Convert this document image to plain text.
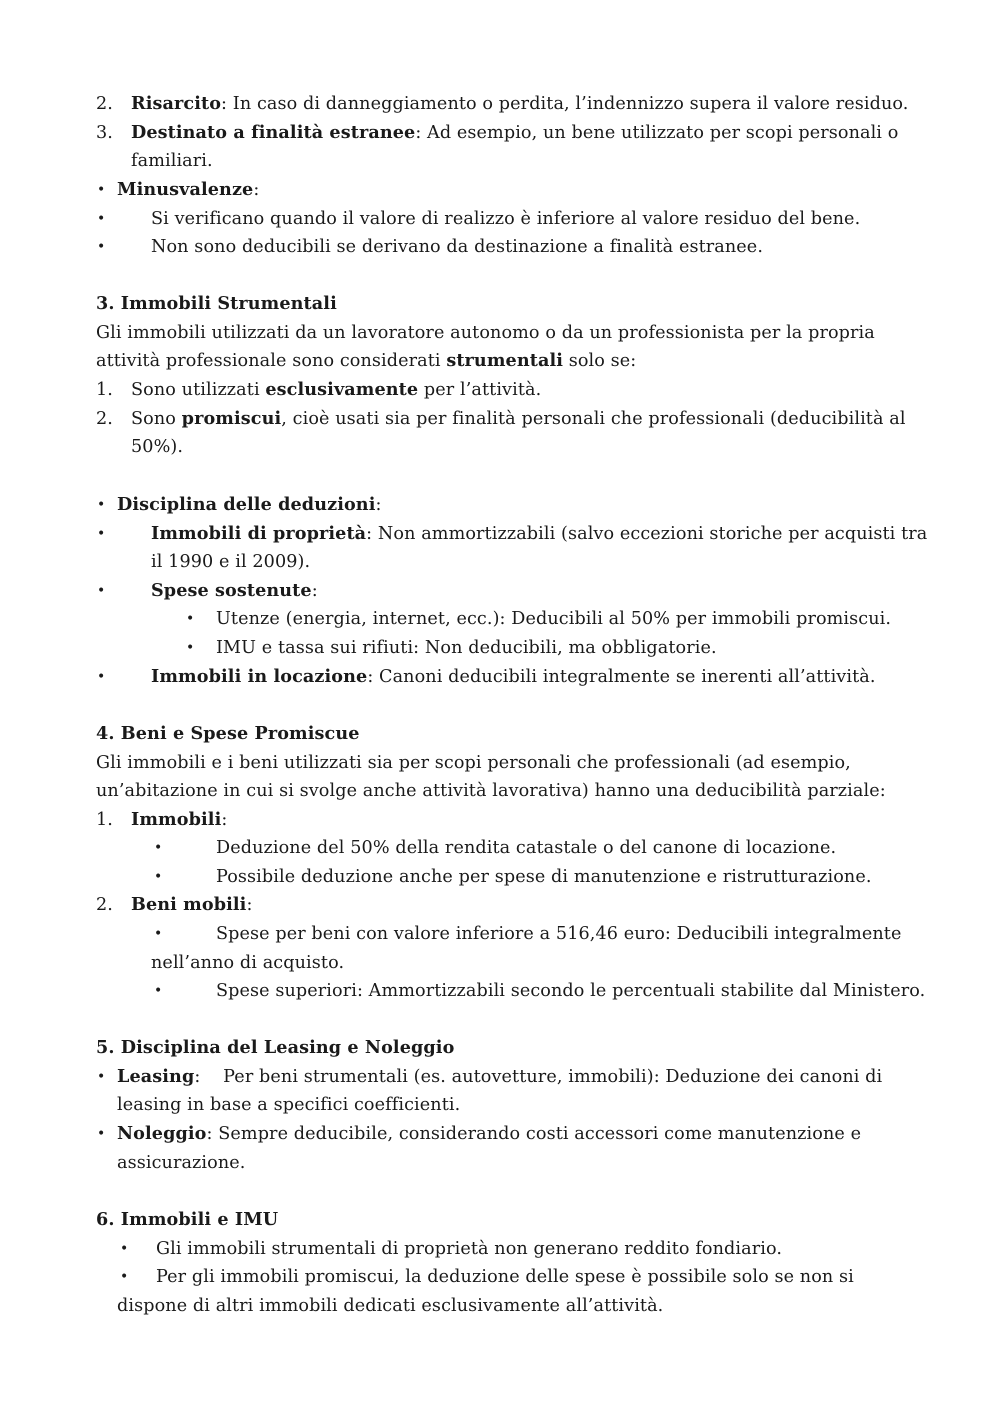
2. Risarcito: In caso di danneggiamento o perdita, l’indennizzo supera il valore residuo.
3. Destinato a finalità estranee: Ad esempio, un bene utilizzato per scopi personali o
familiari.
• Minusvalenze:
•	Si verificano quando il valore di realizzo è inferiore al valore residuo del bene.
•	Non sono deducibili se derivano da destinazione a finalità estranee.
3. Immobili Strumentali
Gli immobili utilizzati da un lavoratore autonomo o da un professionista per la propria
attività professionale sono considerati strumentali solo se:
1. Sono utilizzati esclusivamente per l’attività.
2. Sono promiscui, cioè usati sia per finalità personali che professionali (deducibilità al
50%).
• Disciplina delle deduzioni:
•	Immobili di proprietà: Non ammortizzabili (salvo eccezioni storiche per acquisti tra
il 1990 e il 2009).
•	Spese sostenute:
• Utenze (energia, internet, ecc.): Deducibili al 50% per immobili promiscui.
• IMU e tassa sui rifiuti: Non deducibili, ma obbligatorie.
•	Immobili in locazione: Canoni deducibili integralmente se inerenti all’attività.
4. Beni e Spese Promiscue
Gli immobili e i beni utilizzati sia per scopi personali che professionali (ad esempio,
un’abitazione in cui si svolge anche attività lavorativa) hanno una deducibilità parziale:
1. Immobili:
•	Deduzione del 50% della rendita catastale o del canone di locazione.
•	Possibile deduzione anche per spese di manutenzione e ristrutturazione.
2. Beni mobili:
•	Spese per beni con valore inferiore a 516,46 euro: Deducibili integralmente
nell’anno di acquisto.
•	Spese superiori: Ammortizzabili secondo le percentuali stabilite dal Ministero.
5. Disciplina del Leasing e Noleggio
• Leasing:    Per beni strumentali (es. autovetture, immobili): Deduzione dei canoni di
leasing in base a specifici coefficienti.
• Noleggio: Sempre deducibile, considerando costi accessori come manutenzione e
assicurazione.
6. Immobili e IMU
• Gli immobili strumentali di proprietà non generano reddito fondiario.
• Per gli immobili promiscui, la deduzione delle spese è possibile solo se non si
dispone di altri immobili dedicati esclusivamente all’attività.
